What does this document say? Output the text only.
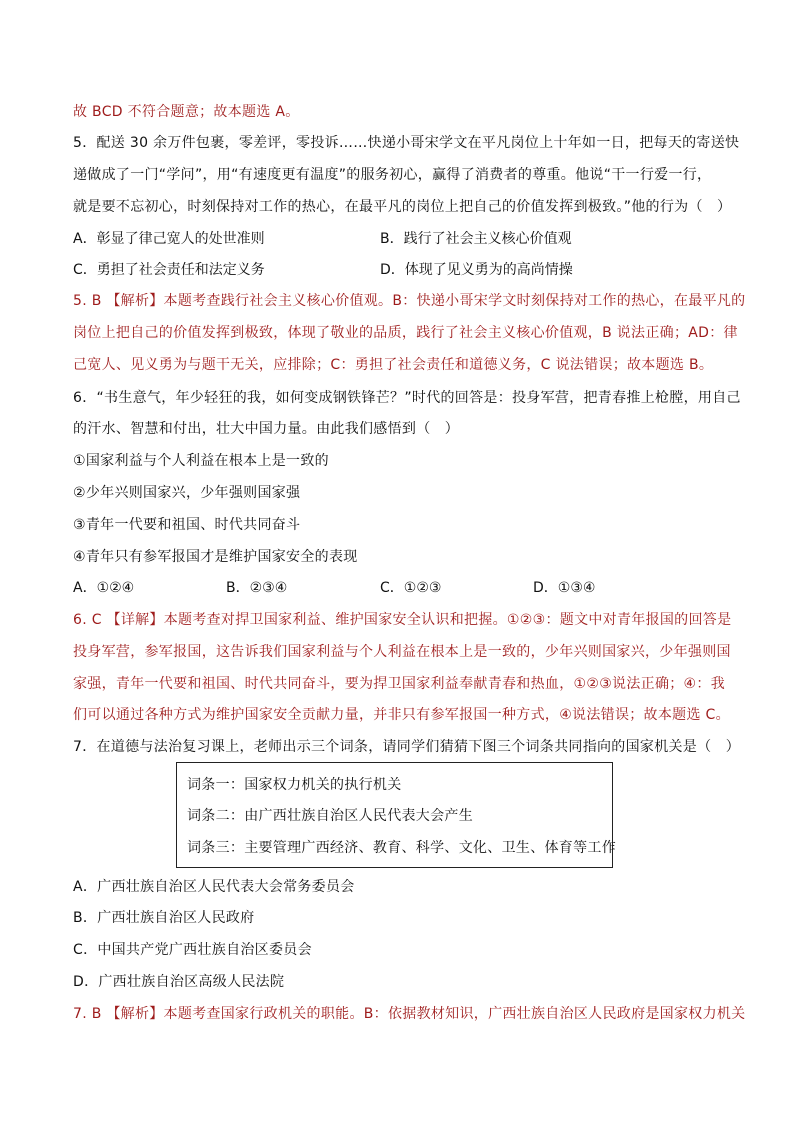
故 BCD 不符合题意；故本题选 A。
5．配送 30 余万件包裹，零差评，零投诉……快递小哥宋学文在平凡岗位上十年如一日，把每天的寄送快
递做成了一门“学问”，用“有速度更有温度”的服务初心，赢得了消费者的尊重。他说“干一行爱一行，
就是要不忘初心，时刻保持对工作的热心，在最平凡的岗位上把自己的价值发挥到极致。”他的行为（　）
A．彰显了律己宽人的处世准则	B．践行了社会主义核心价值观
C．勇担了社会责任和法定义务	D．体现了见义勇为的高尚情操
5. B 【解析】本题考查践行社会主义核心价值观。B：快递小哥宋学文时刻保持对工作的热心，在最平凡的
岗位上把自己的价值发挥到极致，体现了敬业的品质，践行了社会主义核心价值观，B 说法正确；AD：律
己宽人、见义勇为与题干无关，应排除；C：勇担了社会责任和道德义务，C 说法错误；故本题选 B。
6．“书生意气，年少轻狂的我，如何变成钢铁锋芒？”时代的回答是：投身军营，把青春推上枪膛，用自己
的汗水、智慧和付出，壮大中国力量。由此我们感悟到（　）
①国家利益与个人利益在根本上是一致的
②少年兴则国家兴，少年强则国家强
③青年一代要和祖国、时代共同奋斗
④青年只有参军报国才是维护国家安全的表现
A．①②④	B．②③④	C．①②③	D．①③④
6. C 【详解】本题考查对捍卫国家利益、维护国家安全认识和把握。①②③：题文中对青年报国的回答是
投身军营，参军报国，这告诉我们国家利益与个人利益在根本上是一致的，少年兴则国家兴，少年强则国
家强，青年一代要和祖国、时代共同奋斗，要为捍卫国家利益奉献青春和热血，①②③说法正确；④：我
们可以通过各种方式为维护国家安全贡献力量，并非只有参军报国一种方式，④说法错误；故本题选 C。
7．在道德与法治复习课上，老师出示三个词条，请同学们猜猜下图三个词条共同指向的国家机关是（　）
词条一：国家权力机关的执行机关
词条二：由广西壮族自治区人民代表大会产生
词条三：主要管理广西经济、教育、科学、文化、卫生、体育等工作
A．广西壮族自治区人民代表大会常务委员会
B．广西壮族自治区人民政府
C．中国共产党广西壮族自治区委员会
D．广西壮族自治区高级人民法院
7. B 【解析】本题考查国家行政机关的职能。B：依据教材知识，广西壮族自治区人民政府是国家权力机关
